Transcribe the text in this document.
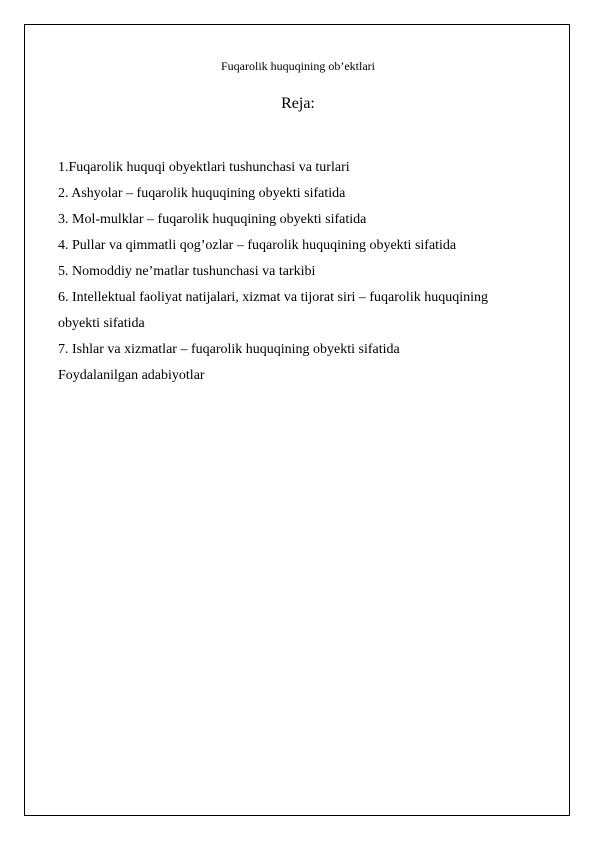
Fuqarolik huquqining ob’ektlari
Reja:
1.Fuqarolik huquqi obyektlari tushunchasi va turlari
2. Ashyolar – fuqarolik huquqining obyekti sifatida
3. Mol-mulklar – fuqarolik huquqining obyekti sifatida
4. Pullar va qimmatli qog’ozlar – fuqarolik huquqining obyekti sifatida
5. Nomoddiy ne’matlar tushunchasi va tarkibi
6. Intellektual faoliyat natijalari, xizmat va tijorat siri – fuqarolik huquqining
obyekti sifatida
7. Ishlar va xizmatlar – fuqarolik huquqining obyekti sifatida
Foydalanilgan adabiyotlar
